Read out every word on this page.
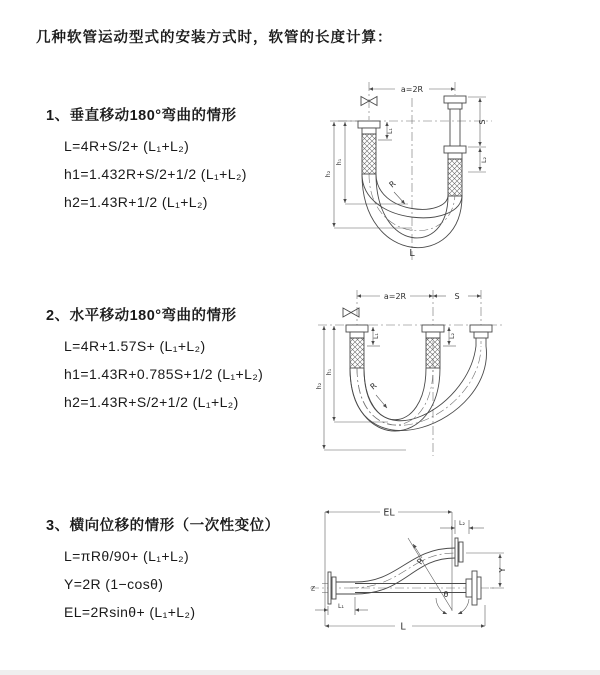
几种软管运动型式的安装方式时，软管的长度计算：
1、垂直移动180°弯曲的情形
L=4R+S/2+ (L₁+L₂)
h1=1.432R+S/2+1/2 (L₁+L₂)
h2=1.43R+1/2 (L₁+L₂)
2、水平移动180°弯曲的情形
L=4R+1.57S+ (L₁+L₂)
h1=1.43R+0.785S+1/2 (L₁+L₂)
h2=1.43R+S/2+1/2 (L₁+L₂)
3、横向位移的情形（一次性变位）
L=πRθ/90+ (L₁+L₂)
Y=2R (1−cosθ)
EL=2Rsinθ+ (L₁+L₂)
a=2R
S
L₂
h₁
h₂
L₁
R
L
a=2R	S
L₁	L₂
h₁
h₂	R
EL
L₂
Y
L
L₁
θ
R
Z
